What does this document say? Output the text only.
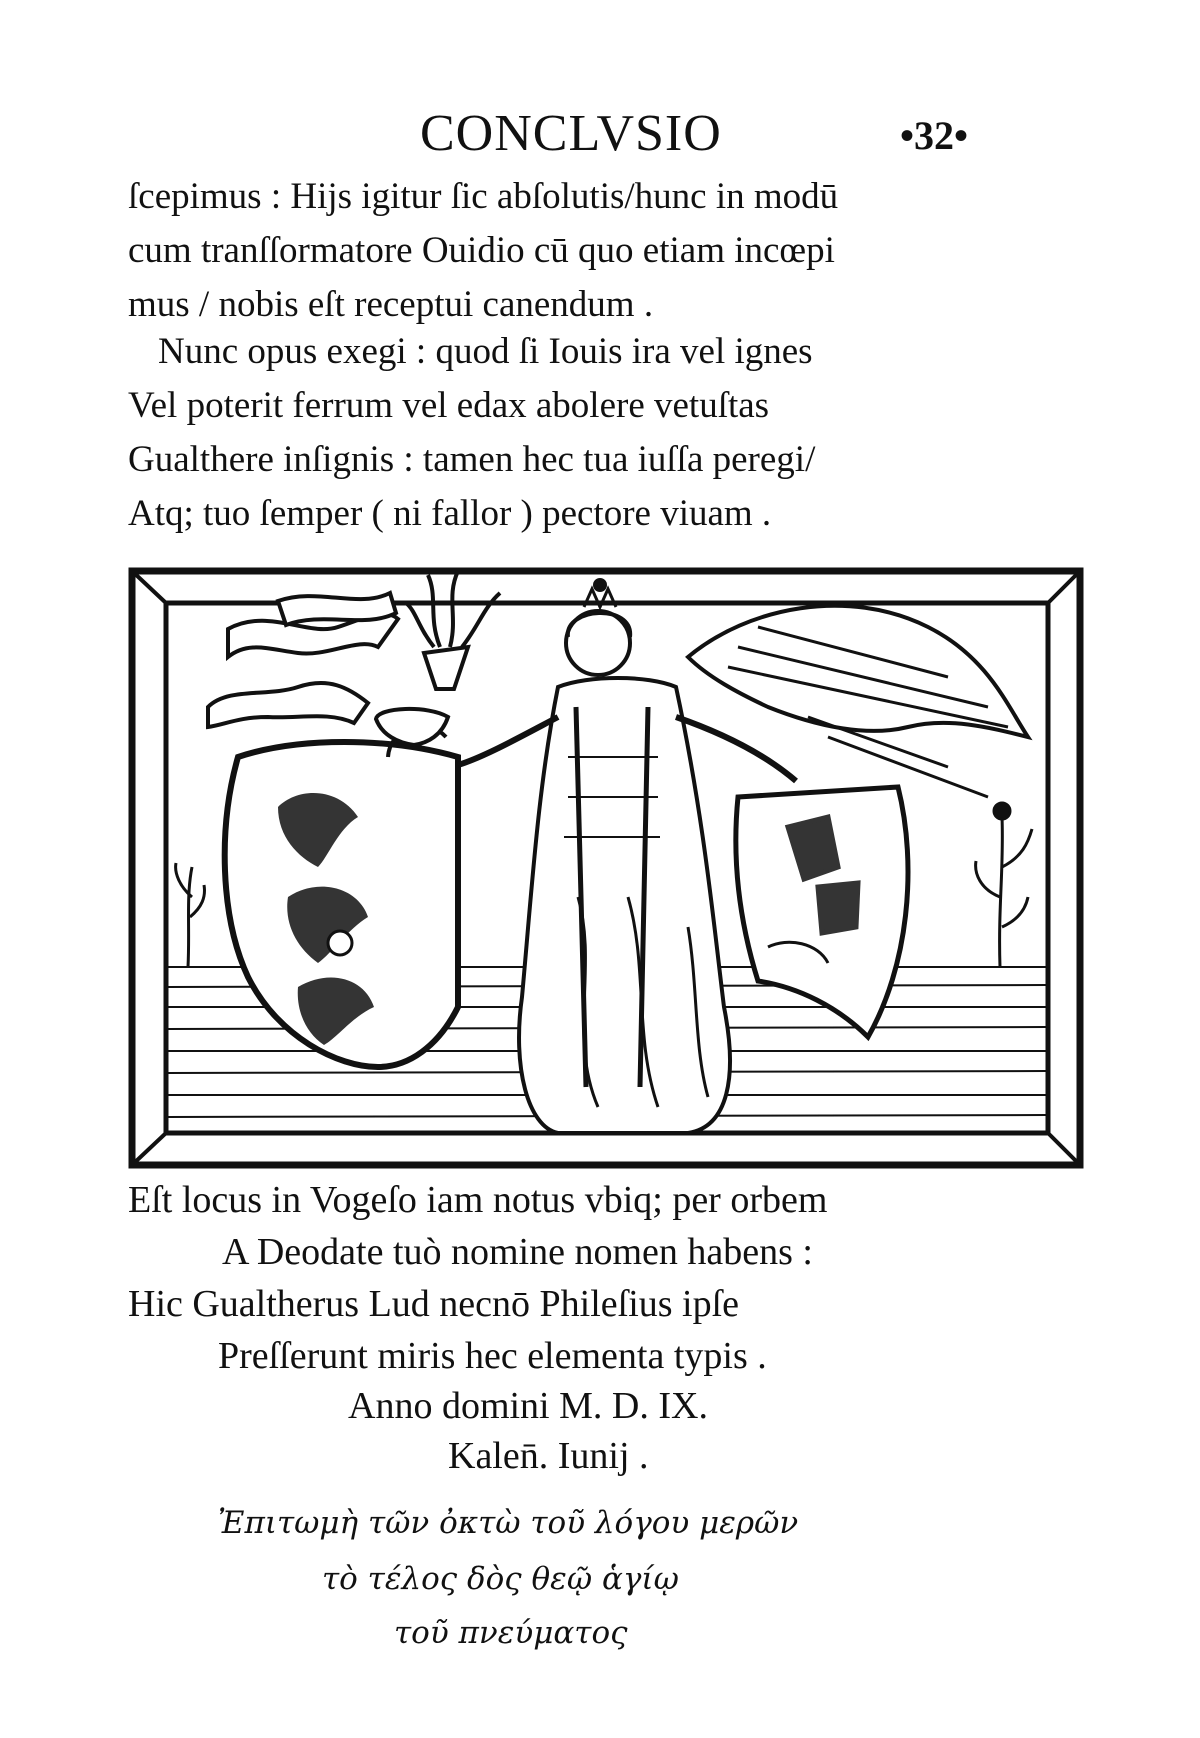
CONCLVSIO	•32•
ſcepimus : Hijs igitur ſic abſolutis/hunc in modū
cum tranſſormatore Ouidio cū quo etiam incœpi
mus / nobis eſt receptui canendum .
Nunc opus exegi : quod ſi Iouis ira vel ignes
Vel poterit ferrum vel edax abolere vetuſtas
Gualthere inſignis : tamen hec tua iuſſa peregi/
Atq; tuo ſemper ( ni fallor ) pectore viuam .
Eſt locus in Vogeſo iam notus vbiq; per orbem
A Deodate tuò nomine nomen habens :
Hic Gualtherus Lud necnō Phileſius ipſe
Preſſerunt miris hec elementa typis .
Anno domini M. D. IX.
Kalen̄. Iunij .
Ἐπιτωμὴ τῶν ὀκτὼ τοῦ λόγου μερῶν
τὸ τέλος δὸς θεῷ ἁγίῳ
τοῦ πνεύματος
